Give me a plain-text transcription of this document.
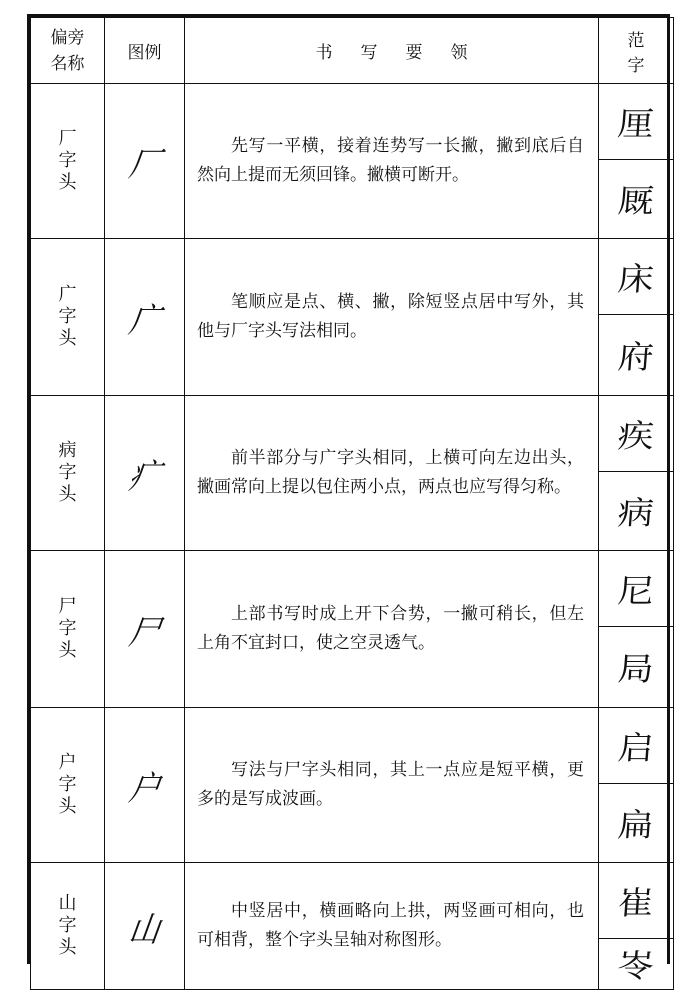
偏旁
名称	图例	书 写 要 领	范字

厂字头	厂	先写一平横，接着连势写一长撇，撇到底后自然向上提而无须回锋。撇横可断开。	厘
			厩

广字头	广	笔顺应是点、横、撇，除短竖点居中写外，其他与厂字头写法相同。	床
			府

病字头	疒	前半部分与广字头相同，上横可向左边出头，撇画常向上提以包住两小点，两点也应写得匀称。	疾
			病

尸字头	尸	上部书写时成上开下合势，一撇可稍长，但左上角不宜封口，使之空灵透气。	尼
			局

户字头	户	写法与尸字头相同，其上一点应是短平横，更多的是写成波画。	启
			扁

山字头	山	中竖居中，横画略向上拱，两竖画可相向，也可相背，整个字头呈轴对称图形。	崔
			岺
